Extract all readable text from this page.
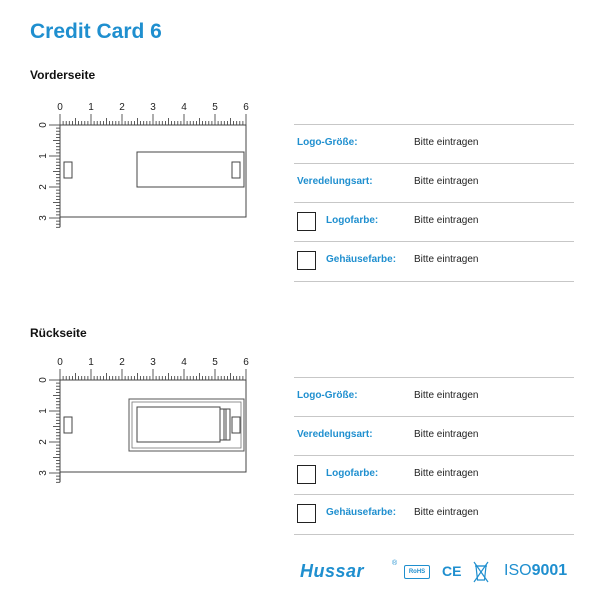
Credit Card 6
Vorderseite
0	1	2	3	4	5	6
0
1
2
3
Logo-Größe:	Bitte eintragen
Veredelungsart:	Bitte eintragen
Logofarbe:	Bitte eintragen
Gehäusefarbe: Bitte eintragen
Rückseite
0	1	2	3	4	5	6
0
1
2
3
Logo-Größe:	Bitte eintragen
Veredelungsart:	Bitte eintragen
Logofarbe:	Bitte eintragen
Gehäusefarbe: Bitte eintragen
Hussar	®
RoHS	CE	ISO9001
